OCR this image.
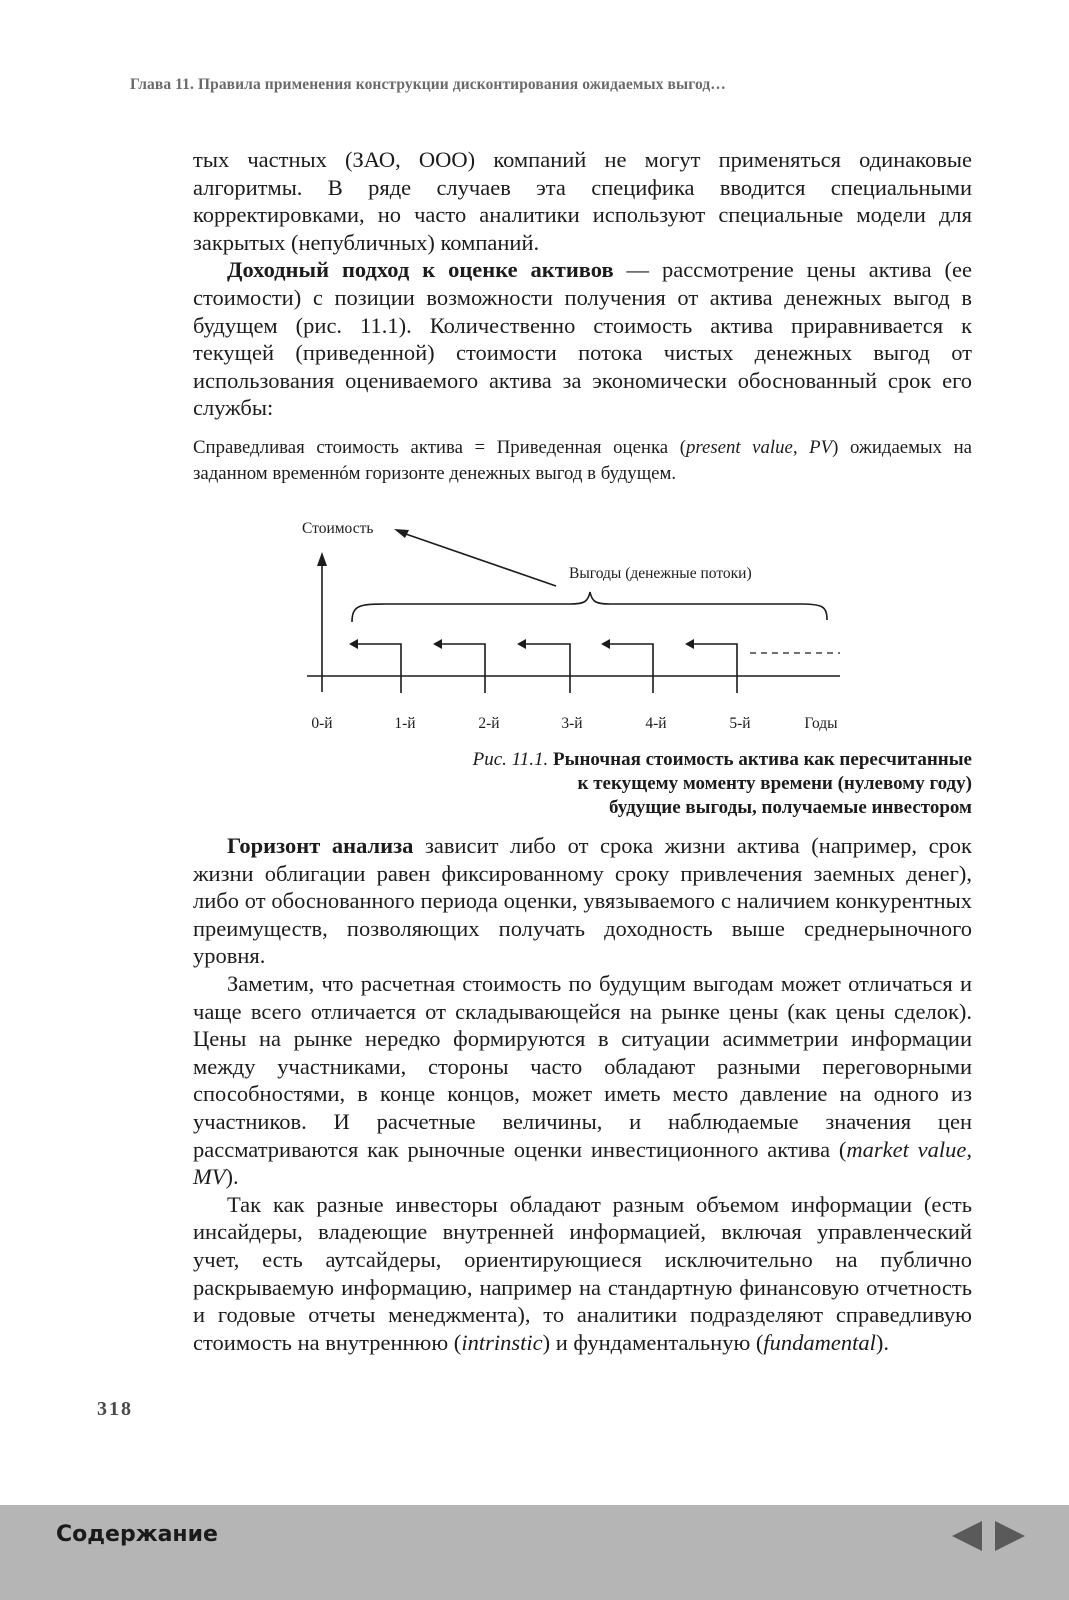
Глава 11. Правила применения конструкции дисконтирования ожидаемых выгод…

тых частных (ЗАО, ООО) компаний не могут применяться одинаковые алгоритмы. В ряде случаев эта специфика вводится специальными корректировками, но часто аналитики используют специальные модели для закрытых (непубличных) компаний.

Доходный подход к оценке активов — рассмотрение цены актива (ее стоимости) с позиции возможности получения от актива денежных выгод в будущем (рис. 11.1). Количественно стоимость актива приравнивается к текущей (приведенной) стоимости потока чистых денежных выгод от использования оцениваемого актива за экономически обоснованный срок его службы:

Справедливая стоимость актива = Приведенная оценка (present value, PV) ожидаемых на заданном временнóм горизонте денежных выгод в будущем.
Стоимость
Выгоды (денежные потоки)
0-й	1-й	2-й	3-й	4-й	5-й	Годы
Рис. 11.1. Рыночная стоимость актива как пересчитанные
к текущему моменту времени (нулевому году)
будущие выгоды, получаемые инвестором

Горизонт анализа зависит либо от срока жизни актива (например, срок жизни облигации равен фиксированному сроку привлечения заемных денег), либо от обоснованного периода оценки, увязываемого с наличием конкурентных преимуществ, позволяющих получать доходность выше среднерыночного уровня.

Заметим, что расчетная стоимость по будущим выгодам может отличаться и чаще всего отличается от складывающейся на рынке цены (как цены сделок). Цены на рынке нередко формируются в ситуации асимметрии информации между участниками, стороны часто обладают разными переговорными способностями, в конце концов, может иметь место давление на одного из участников. И расчетные величины, и наблюдаемые значения цен рассматриваются как рыночные оценки инвестиционного актива (market value, MV).

Так как разные инвесторы обладают разным объемом информации (есть инсайдеры, владеющие внутренней информацией, включая управленческий учет, есть аутсайдеры, ориентирующиеся исключительно на публично раскрываемую информацию, например на стандартную финансовую отчетность и годовые отчеты менеджмента), то аналитики подразделяют справедливую стоимость на внутреннюю (intrinstic) и фундаментальную (fundamental).

318
Содержание
